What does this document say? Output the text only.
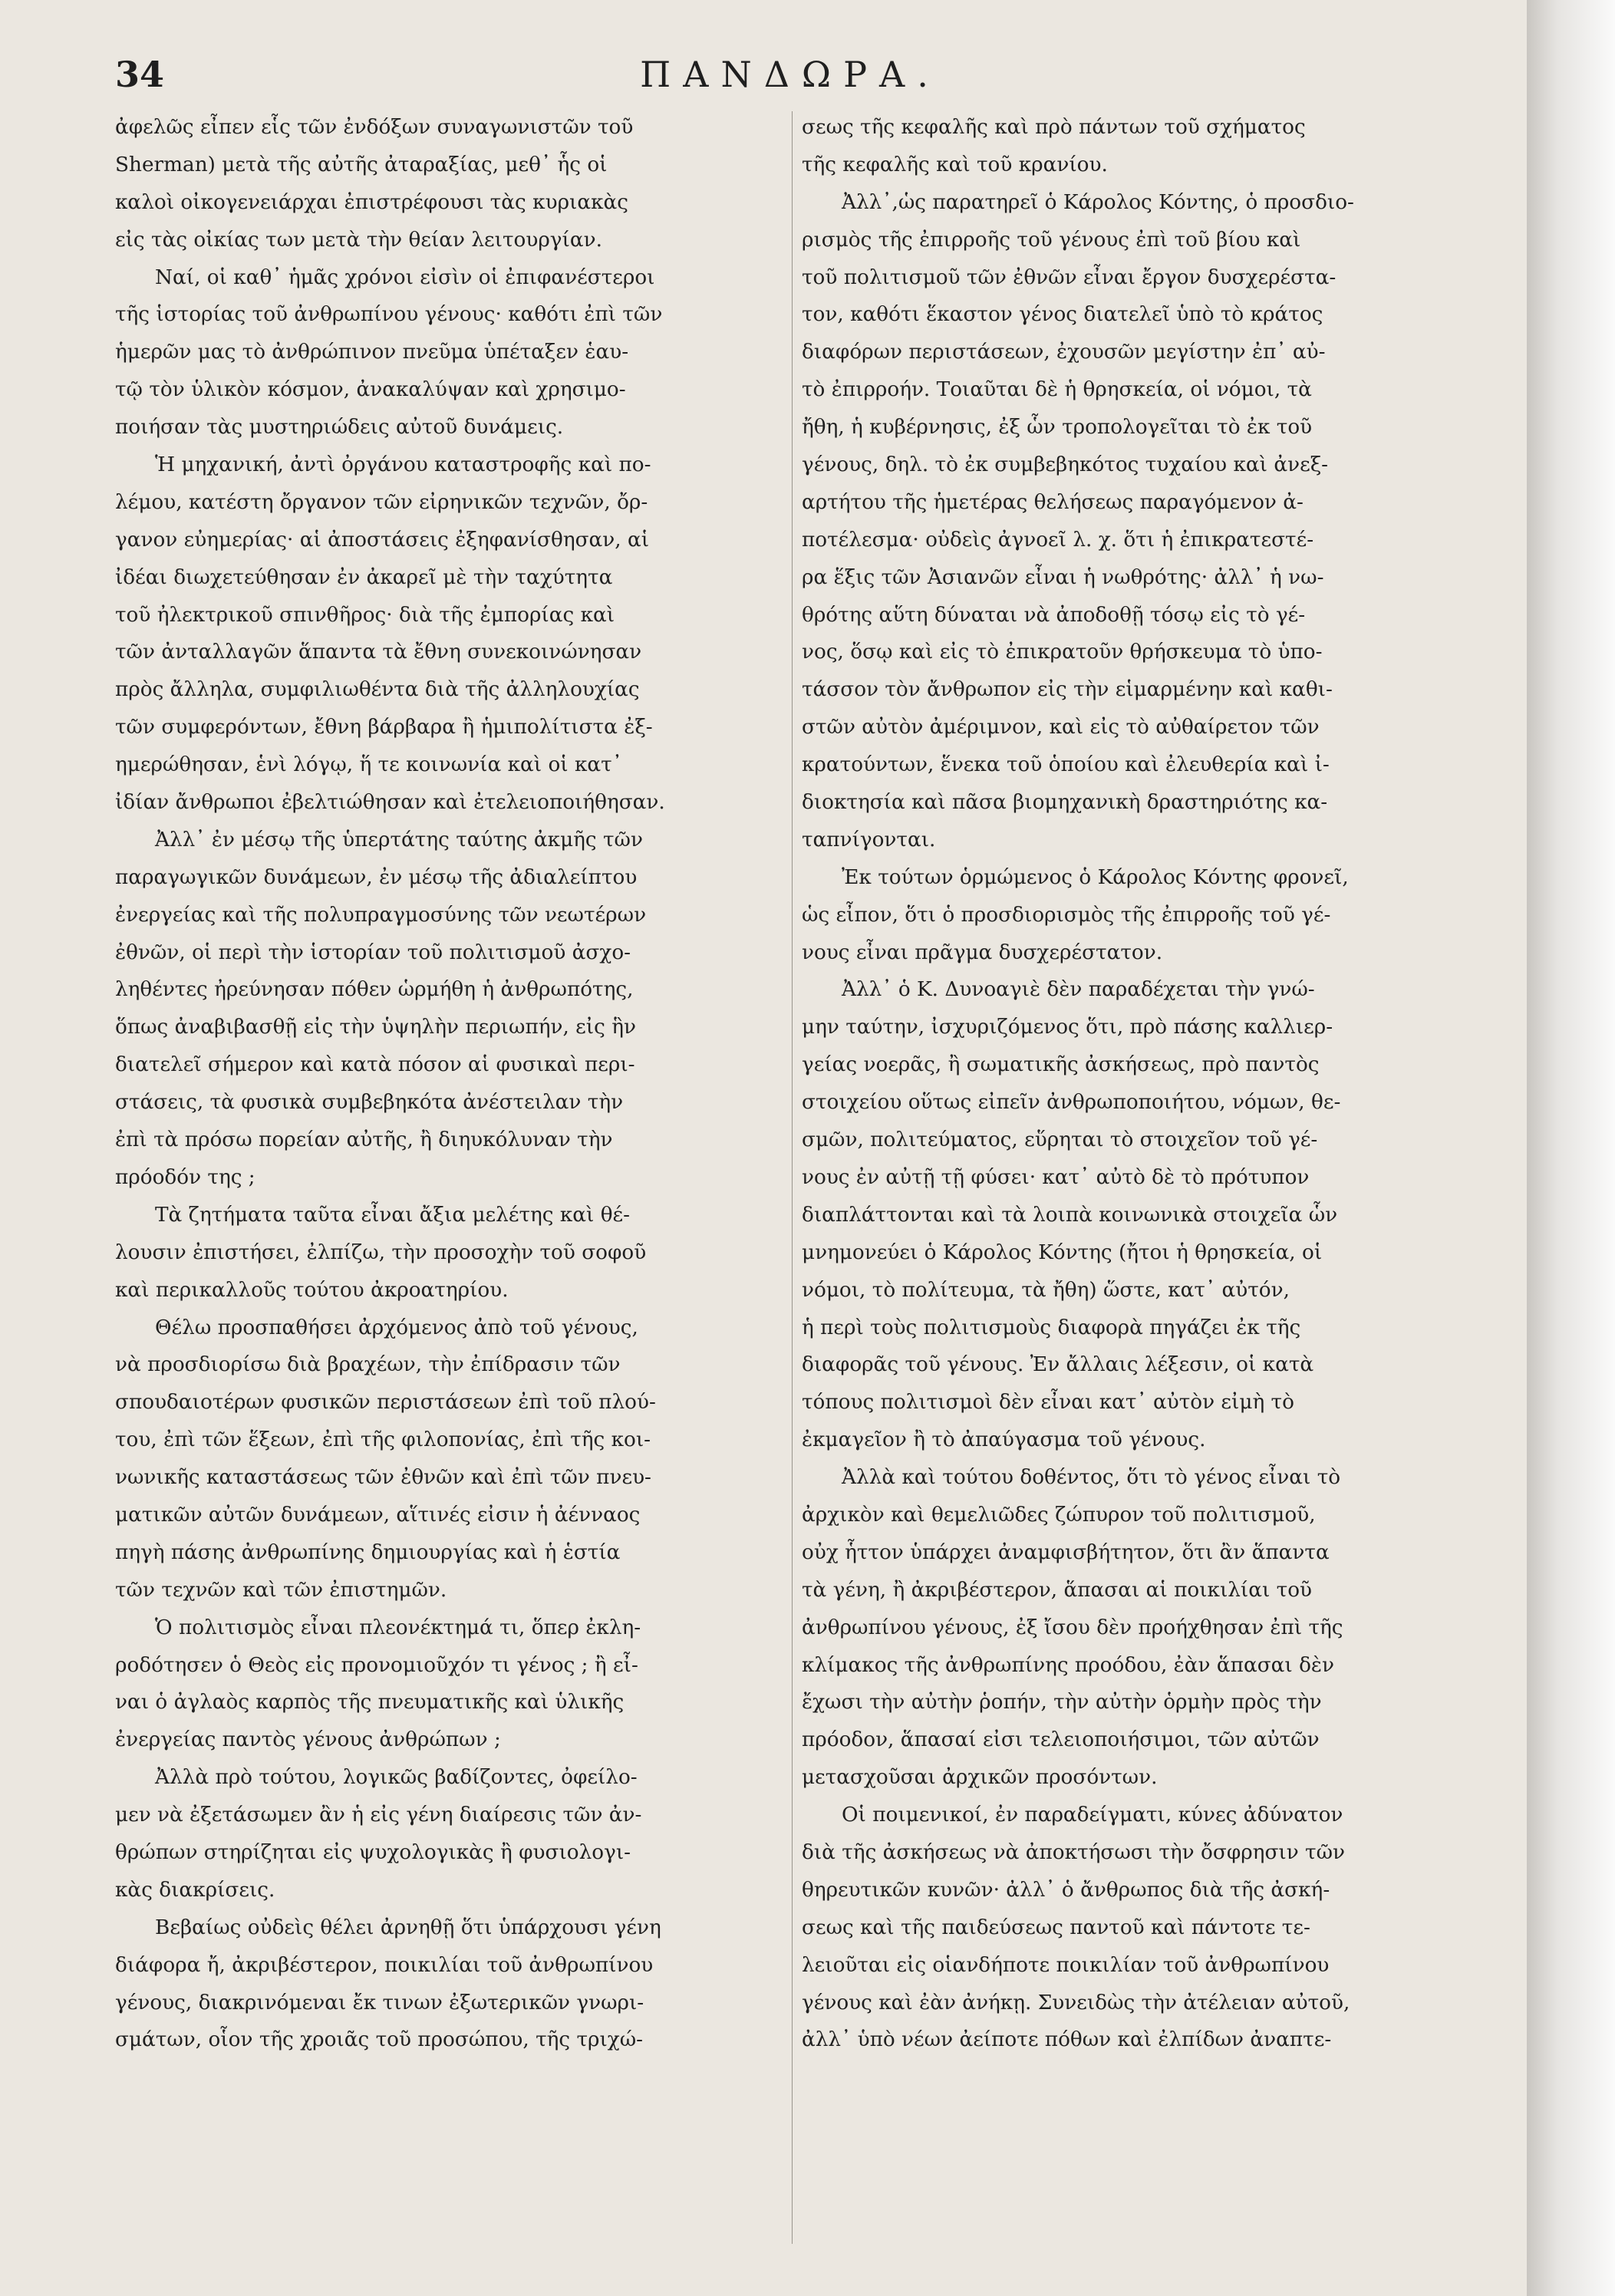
34	ΠΑΝΔΩΡΑ.
ἀφελῶς εἶπεν εἷς τῶν ἐνδόξων συναγωνιστῶν τοῦ
Sherman) μετὰ τῆς αὐτῆς ἀταραξίας, μεθ᾽ ἧς οἱ
καλοὶ οἰκογενειάρχαι ἐπιστρέφουσι τὰς κυριακὰς
εἰς τὰς οἰκίας των μετὰ τὴν θείαν λειτουργίαν.
Ναί, οἱ καθ᾽ ἡμᾶς χρόνοι εἰσὶν οἱ ἐπιφανέστεροι
τῆς ἱστορίας τοῦ ἀνθρωπίνου γένους· καθότι ἐπὶ τῶν
ἡμερῶν μας τὸ ἀνθρώπινον πνεῦμα ὑπέταξεν ἑαυ-
τῷ τὸν ὑλικὸν κόσμον, ἀνακαλύψαν καὶ χρησιμο-
ποιήσαν τὰς μυστηριώδεις αὐτοῦ δυνάμεις.
Ἡ μηχανική, ἀντὶ ὀργάνου καταστροφῆς καὶ πο-
λέμου, κατέστη ὄργανον τῶν εἰρηνικῶν τεχνῶν, ὄρ-
γανον εὐημερίας· αἱ ἀποστάσεις ἐξηφανίσθησαν, αἱ
ἰδέαι διωχετεύθησαν ἐν ἀκαρεῖ μὲ τὴν ταχύτητα
τοῦ ἠλεκτρικοῦ σπινθῆρος· διὰ τῆς ἐμπορίας καὶ
τῶν ἀνταλλαγῶν ἅπαντα τὰ ἔθνη συνεκοινώνησαν
πρὸς ἄλληλα, συμφιλιωθέντα διὰ τῆς ἀλληλουχίας
τῶν συμφερόντων, ἔθνη βάρβαρα ἢ ἡμιπολίτιστα ἐξ-
ημερώθησαν, ἑνὶ λόγῳ, ἥ τε κοινωνία καὶ οἱ κατ᾽
ἰδίαν ἄνθρωποι ἐβελτιώθησαν καὶ ἐτελειοποιήθησαν.
Ἀλλ᾽ ἐν μέσῳ τῆς ὑπερτάτης ταύτης ἀκμῆς τῶν
παραγωγικῶν δυνάμεων, ἐν μέσῳ τῆς ἀδιαλείπτου
ἐνεργείας καὶ τῆς πολυπραγμοσύνης τῶν νεωτέρων
ἐθνῶν, οἱ περὶ τὴν ἱστορίαν τοῦ πολιτισμοῦ ἀσχο-
ληθέντες ἠρεύνησαν πόθεν ὡρμήθη ἡ ἀνθρωπότης,
ὅπως ἀναβιβασθῇ εἰς τὴν ὑψηλὴν περιωπήν, εἰς ἣν
διατελεῖ σήμερον καὶ κατὰ πόσον αἱ φυσικαὶ περι-
στάσεις, τὰ φυσικὰ συμβεβηκότα ἀνέστειλαν τὴν
ἐπὶ τὰ πρόσω πορείαν αὐτῆς, ἢ διηυκόλυναν τὴν
πρόοδόν της ;
Τὰ ζητήματα ταῦτα εἶναι ἄξια μελέτης καὶ θέ-
λουσιν ἐπιστήσει, ἐλπίζω, τὴν προσοχὴν τοῦ σοφοῦ
καὶ περικαλλοῦς τούτου ἀκροατηρίου.
Θέλω προσπαθήσει ἀρχόμενος ἀπὸ τοῦ γένους,
νὰ προσδιορίσω διὰ βραχέων, τὴν ἐπίδρασιν τῶν
σπουδαιοτέρων φυσικῶν περιστάσεων ἐπὶ τοῦ πλού-
του, ἐπὶ τῶν ἕξεων, ἐπὶ τῆς φιλοπονίας, ἐπὶ τῆς κοι-
νωνικῆς καταστάσεως τῶν ἐθνῶν καὶ ἐπὶ τῶν πνευ-
ματικῶν αὐτῶν δυνάμεων, αἵτινές εἰσιν ἡ ἀένναος
πηγὴ πάσης ἀνθρωπίνης δημιουργίας καὶ ἡ ἑστία
τῶν τεχνῶν καὶ τῶν ἐπιστημῶν.
Ὁ πολιτισμὸς εἶναι πλεονέκτημά τι, ὅπερ ἐκλη-
ροδότησεν ὁ Θεὸς εἰς προνομιοῦχόν τι γένος ; ἢ εἶ-
ναι ὁ ἀγλαὸς καρπὸς τῆς πνευματικῆς καὶ ὑλικῆς
ἐνεργείας παντὸς γένους ἀνθρώπων ;
Ἀλλὰ πρὸ τούτου, λογικῶς βαδίζοντες, ὀφείλο-
μεν νὰ ἐξετάσωμεν ἂν ἡ εἰς γένη διαίρεσις τῶν ἀν-
θρώπων στηρίζηται εἰς ψυχολογικὰς ἢ φυσιολογι-
κὰς διακρίσεις.
Βεβαίως οὐδεὶς θέλει ἀρνηθῇ ὅτι ὑπάρχουσι γένη
διάφορα ἤ, ἀκριβέστερον, ποικιλίαι τοῦ ἀνθρωπίνου
γένους, διακρινόμεναι ἔκ τινων ἐξωτερικῶν γνωρι-
σμάτων, οἷον τῆς χροιᾶς τοῦ προσώπου, τῆς τριχώ-
σεως τῆς κεφαλῆς καὶ πρὸ πάντων τοῦ σχήματος
τῆς κεφαλῆς καὶ τοῦ κρανίου.
Ἀλλ᾽,ὡς παρατηρεῖ ὁ Κάρολος Κόντης, ὁ προσδιο-
ρισμὸς τῆς ἐπιρροῆς τοῦ γένους ἐπὶ τοῦ βίου καὶ
τοῦ πολιτισμοῦ τῶν ἐθνῶν εἶναι ἔργον δυσχερέστα-
τον, καθότι ἕκαστον γένος διατελεῖ ὑπὸ τὸ κράτος
διαφόρων περιστάσεων, ἐχουσῶν μεγίστην ἐπ᾽ αὐ-
τὸ ἐπιρροήν. Τοιαῦται δὲ ἡ θρησκεία, οἱ νόμοι, τὰ
ἤθη, ἡ κυβέρνησις, ἐξ ὧν τροπολογεῖται τὸ ἐκ τοῦ
γένους, δηλ. τὸ ἐκ συμβεβηκότος τυχαίου καὶ ἀνεξ-
αρτήτου τῆς ἡμετέρας θελήσεως παραγόμενον ἀ-
ποτέλεσμα· οὐδεὶς ἀγνοεῖ λ. χ. ὅτι ἡ ἐπικρατεστέ-
ρα ἕξις τῶν Ἀσιανῶν εἶναι ἡ νωθρότης· ἀλλ᾽ ἡ νω-
θρότης αὕτη δύναται νὰ ἀποδοθῇ τόσῳ εἰς τὸ γέ-
νος, ὅσῳ καὶ εἰς τὸ ἐπικρατοῦν θρήσκευμα τὸ ὑπο-
τάσσον τὸν ἄνθρωπον εἰς τὴν εἱμαρμένην καὶ καθι-
στῶν αὐτὸν ἀμέριμνον, καὶ εἰς τὸ αὐθαίρετον τῶν
κρατούντων, ἕνεκα τοῦ ὁποίου καὶ ἐλευθερία καὶ ἰ-
διοκτησία καὶ πᾶσα βιομηχανικὴ δραστηριότης κα-
ταπνίγονται.
Ἐκ τούτων ὁρμώμενος ὁ Κάρολος Κόντης φρονεῖ,
ὡς εἶπον, ὅτι ὁ προσδιορισμὸς τῆς ἐπιρροῆς τοῦ γέ-
νους εἶναι πρᾶγμα δυσχερέστατον.
Ἀλλ᾽ ὁ Κ. Δυνοαγιὲ δὲν παραδέχεται τὴν γνώ-
μην ταύτην, ἰσχυριζόμενος ὅτι, πρὸ πάσης καλλιερ-
γείας νοερᾶς, ἢ σωματικῆς ἀσκήσεως, πρὸ παντὸς
στοιχείου οὕτως εἰπεῖν ἀνθρωποποιήτου, νόμων, θε-
σμῶν, πολιτεύματος, εὕρηται τὸ στοιχεῖον τοῦ γέ-
νους ἐν αὐτῇ τῇ φύσει· κατ᾽ αὐτὸ δὲ τὸ πρότυπον
διαπλάττονται καὶ τὰ λοιπὰ κοινωνικὰ στοιχεῖα ὧν
μνημονεύει ὁ Κάρολος Κόντης (ἤτοι ἡ θρησκεία, οἱ
νόμοι, τὸ πολίτευμα, τὰ ἤθη) ὥστε, κατ᾽ αὐτόν,
ἡ περὶ τοὺς πολιτισμοὺς διαφορὰ πηγάζει ἐκ τῆς
διαφορᾶς τοῦ γένους. Ἐν ἄλλαις λέξεσιν, οἱ κατὰ
τόπους πολιτισμοὶ δὲν εἶναι κατ᾽ αὐτὸν εἰμὴ τὸ
ἐκμαγεῖον ἢ τὸ ἀπαύγασμα τοῦ γένους.
Ἀλλὰ καὶ τούτου δοθέντος, ὅτι τὸ γένος εἶναι τὸ
ἀρχικὸν καὶ θεμελιῶδες ζώπυρον τοῦ πολιτισμοῦ,
οὐχ ἧττον ὑπάρχει ἀναμφισβήτητον, ὅτι ἂν ἅπαντα
τὰ γένη, ἢ ἀκριβέστερον, ἅπασαι αἱ ποικιλίαι τοῦ
ἀνθρωπίνου γένους, ἐξ ἴσου δὲν προήχθησαν ἐπὶ τῆς
κλίμακος τῆς ἀνθρωπίνης προόδου, ἐὰν ἅπασαι δὲν
ἔχωσι τὴν αὐτὴν ῥοπήν, τὴν αὐτὴν ὁρμὴν πρὸς τὴν
πρόοδον, ἅπασαί εἰσι τελειοποιήσιμοι, τῶν αὐτῶν
μετασχοῦσαι ἀρχικῶν προσόντων.
Οἱ ποιμενικοί, ἐν παραδείγματι, κύνες ἀδύνατον
διὰ τῆς ἀσκήσεως νὰ ἀποκτήσωσι τὴν ὄσφρησιν τῶν
θηρευτικῶν κυνῶν· ἀλλ᾽ ὁ ἄνθρωπος διὰ τῆς ἀσκή-
σεως καὶ τῆς παιδεύσεως παντοῦ καὶ πάντοτε τε-
λειοῦται εἰς οἱανδήποτε ποικιλίαν τοῦ ἀνθρωπίνου
γένους καὶ ἐὰν ἀνήκῃ. Συνειδὼς τὴν ἀτέλειαν αὐτοῦ,
ἀλλ᾽ ὑπὸ νέων ἀείποτε πόθων καὶ ἐλπίδων ἀναπτε-
